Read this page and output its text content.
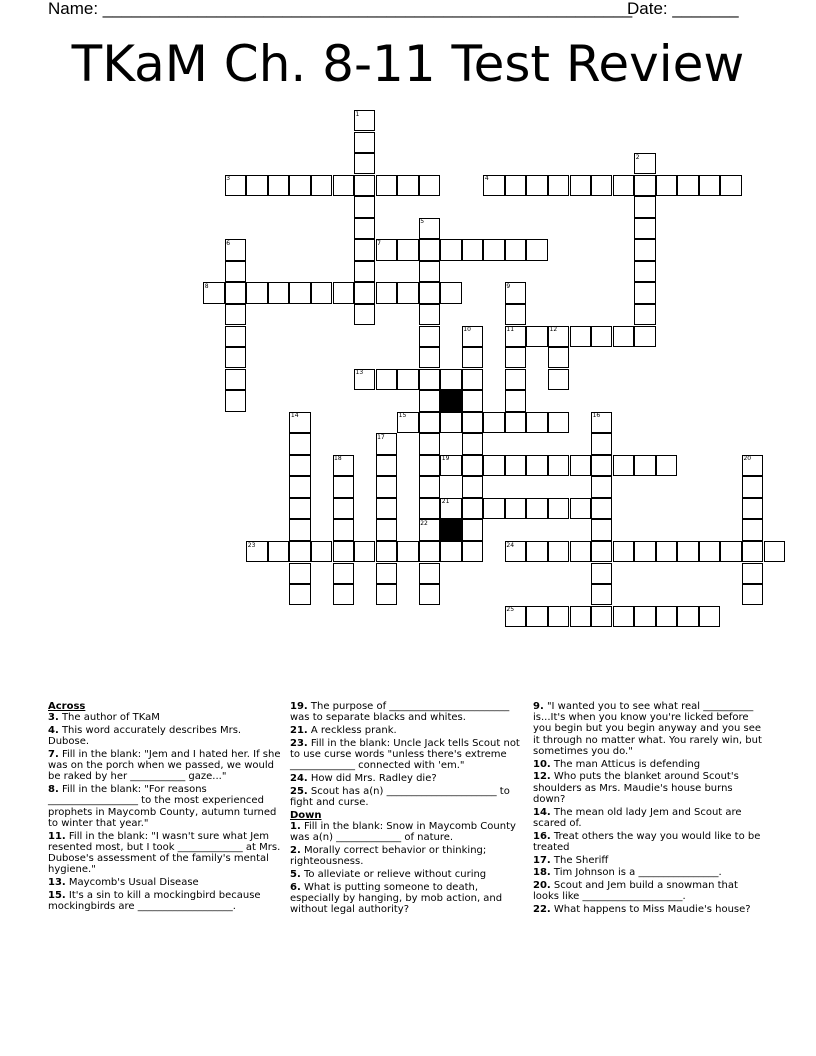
Name: ________________________________________________________
Date: _______
TKaM Ch. 8-11 Test Review
1
2
3	4
5
6	7
8	9
10	11	12
13
14	15	16
17
18	19	20
21
22
23	24
25
Across
3. The author of TKaM
4. This word accurately describes Mrs. Dubose.
7. Fill in the blank: "Jem and I hated her. If she was on the porch when we passed, we would be raked by her ___________ gaze..."
8. Fill in the blank: "For reasons __________________ to the most experienced prophets in Maycomb County, autumn turned to winter that year."
11. Fill in the blank: "I wasn't sure what Jem resented most, but I took _____________ at Mrs. Dubose's assessment of the family's mental hygiene."
13. Maycomb's Usual Disease
15. It's a sin to kill a mockingbird because mockingbirds are ___________________.
19. The purpose of ________________________ was to separate blacks and whites.
21. A reckless prank.
23. Fill in the blank: Uncle Jack tells Scout not to use curse words "unless there's extreme _____________ connected with 'em."
24. How did Mrs. Radley die?
25. Scout has a(n) ______________________ to fight and curse.
Down
1. Fill in the blank: Snow in Maycomb County was a(n) _____________ of nature.
2. Morally correct behavior or thinking; righteousness.
5. To alleviate or relieve without curing
6. What is putting someone to death, especially by hanging, by mob action, and without legal authority?
9. "I wanted you to see what real __________ is...It's when you know you're licked before you begin but you begin anyway and you see it through no matter what. You rarely win, but sometimes you do."
10. The man Atticus is defending
12. Who puts the blanket around Scout's shoulders as Mrs. Maudie's house burns down?
14. The mean old lady Jem and Scout are scared of.
16. Treat others the way you would like to be treated
17. The Sheriff
18. Tim Johnson is a ________________.
20. Scout and Jem build a snowman that looks like ____________________.
22. What happens to Miss Maudie's house?
